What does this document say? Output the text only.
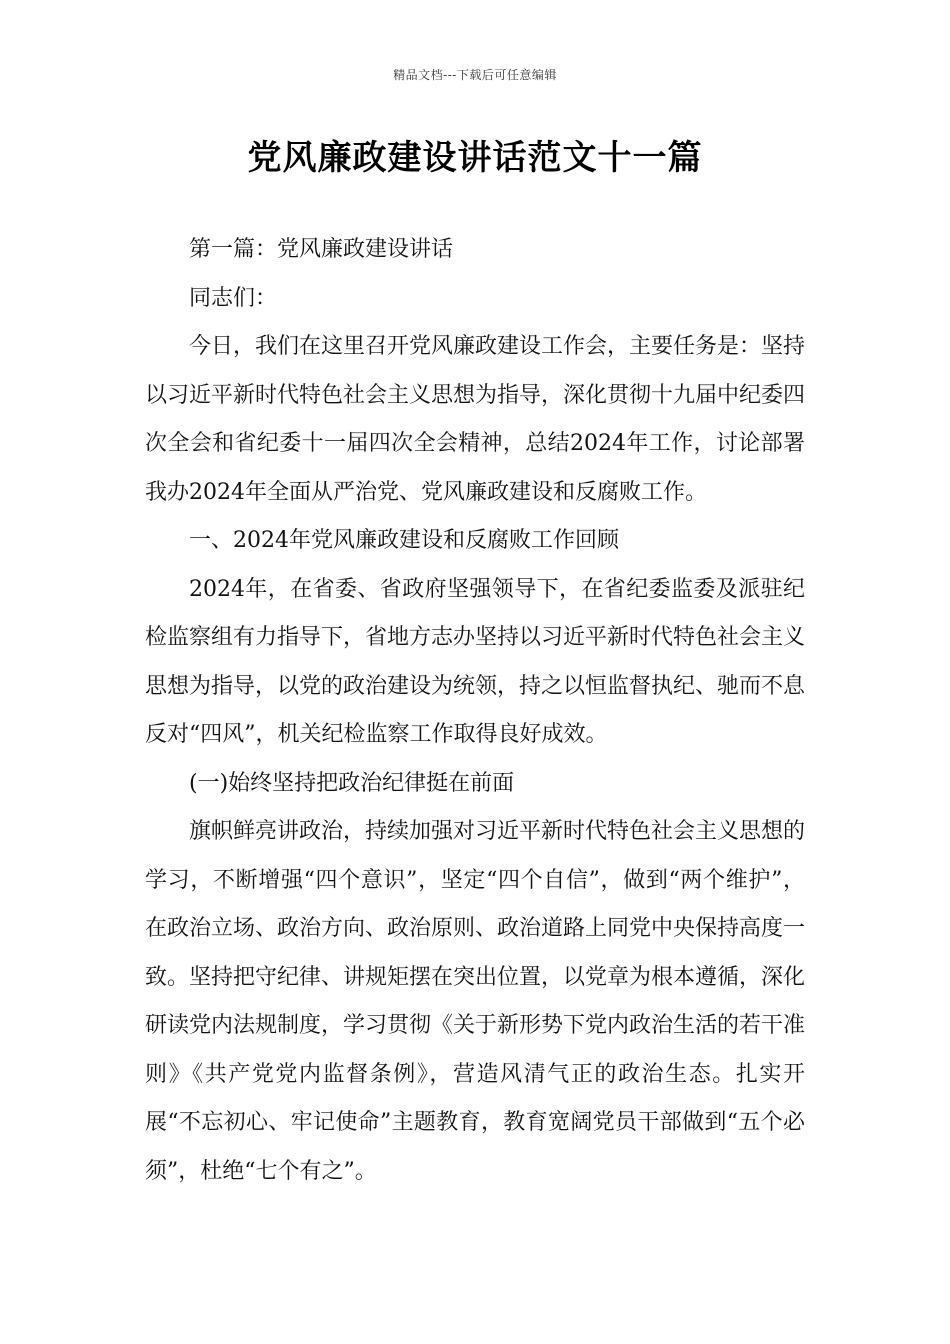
精品文档---下载后可任意编辑
党风廉政建设讲话范文十一篇

第一篇：党风廉政建设讲话

同志们：

今日，我们在这里召开党风廉政建设工作会，主要任务是：坚持以习近平新时代特色社会主义思想为指导，深化贯彻十九届中纪委四次全会和省纪委十一届四次全会精神，总结2024年工作，讨论部署我办2024年全面从严治党、党风廉政建设和反腐败工作。

一、2024年党风廉政建设和反腐败工作回顾

2024年，在省委、省政府坚强领导下，在省纪委监委及派驻纪检监察组有力指导下，省地方志办坚持以习近平新时代特色社会主义思想为指导，以党的政治建设为统领，持之以恒监督执纪、驰而不息反对“四风”，机关纪检监察工作取得良好成效。

(一)始终坚持把政治纪律挺在前面

旗帜鲜亮讲政治，持续加强对习近平新时代特色社会主义思想的学习，不断增强“四个意识”，坚定“四个自信”，做到“两个维护”，在政治立场、政治方向、政治原则、政治道路上同党中央保持高度一致。坚持把守纪律、讲规矩摆在突出位置，以党章为根本遵循，深化研读党内法规制度，学习贯彻《关于新形势下党内政治生活的若干准则》《共产党党内监督条例》，营造风清气正的政治生态。扎实开展“不忘初心、牢记使命”主题教育，教育宽阔党员干部做到“五个必须”，杜绝“七个有之”。
